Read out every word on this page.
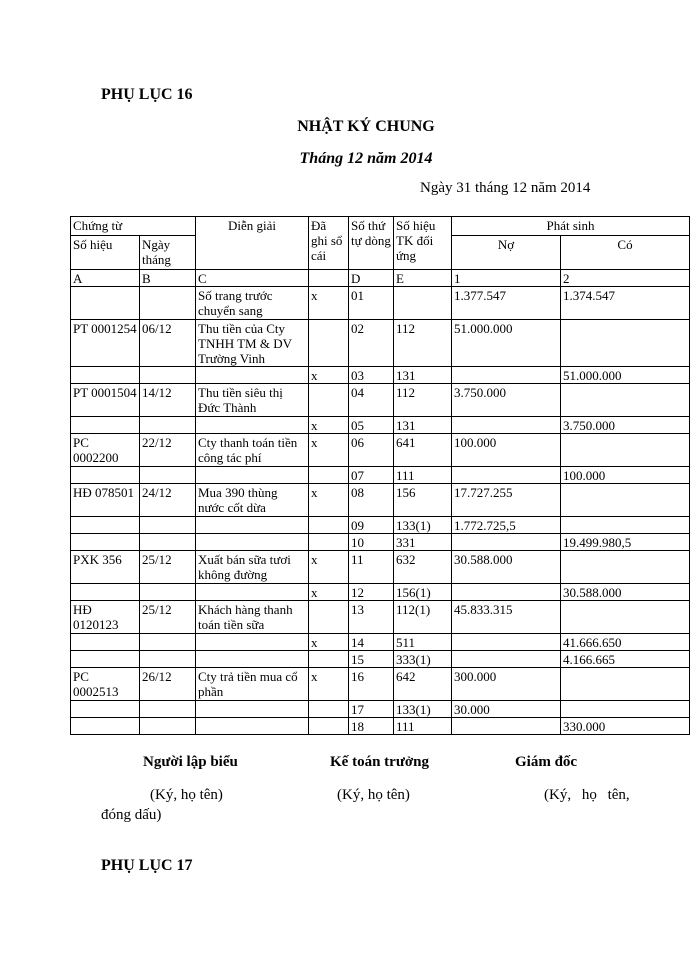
PHỤ LỤC 16
NHẬT KÝ CHUNG
Tháng 12 năm 2014
Ngày 31 tháng 12 năm 2014
Chứng từ		Diễn giải	Đã ghi sổ cái	Số thứ tự dòng	Số hiệu TK đối ứng	Phát sinh	
Số hiệu	Ngày tháng					Nợ	Có
A	B	C		D	E	1	2
		Số trang trước chuyển sang	x	01		1.377.547	1.374.547
PT 0001254	06/12	Thu tiền của Cty TNHH TM & DV Trường Vinh		02	112	51.000.000	
			x	03	131		51.000.000
PT 0001504	14/12	Thu tiền siêu thị Đức Thành		04	112	3.750.000	
			x	05	131		3.750.000
PC 0002200	22/12	Cty thanh toán tiền công tác phí	x	06	641	100.000	
				07	111		100.000
HĐ 078501	24/12	Mua 390 thùng nước cốt dừa	x	08	156	17.727.255	
				09	133(1)	1.772.725,5	
				10	331		19.499.980,5
PXK 356	25/12	Xuất bán sữa tươi không đường	x	11	632	30.588.000	
			x	12	156(1)		30.588.000
HĐ 0120123	25/12	Khách hàng thanh toán tiền sữa		13	112(1)	45.833.315	
			x	14	511		41.666.650
				15	333(1)		4.166.665
PC 0002513	26/12	Cty trả tiền mua cổ phần	x	16	642	300.000	
				17	133(1)	30.000	
				18	111		330.000
Người lập biểu	Kế toán trưởng	Giám đốc
(Ký, họ tên)	(Ký, họ tên)	(Ký, họ tên,
đóng dấu)
PHỤ LỤC 17
